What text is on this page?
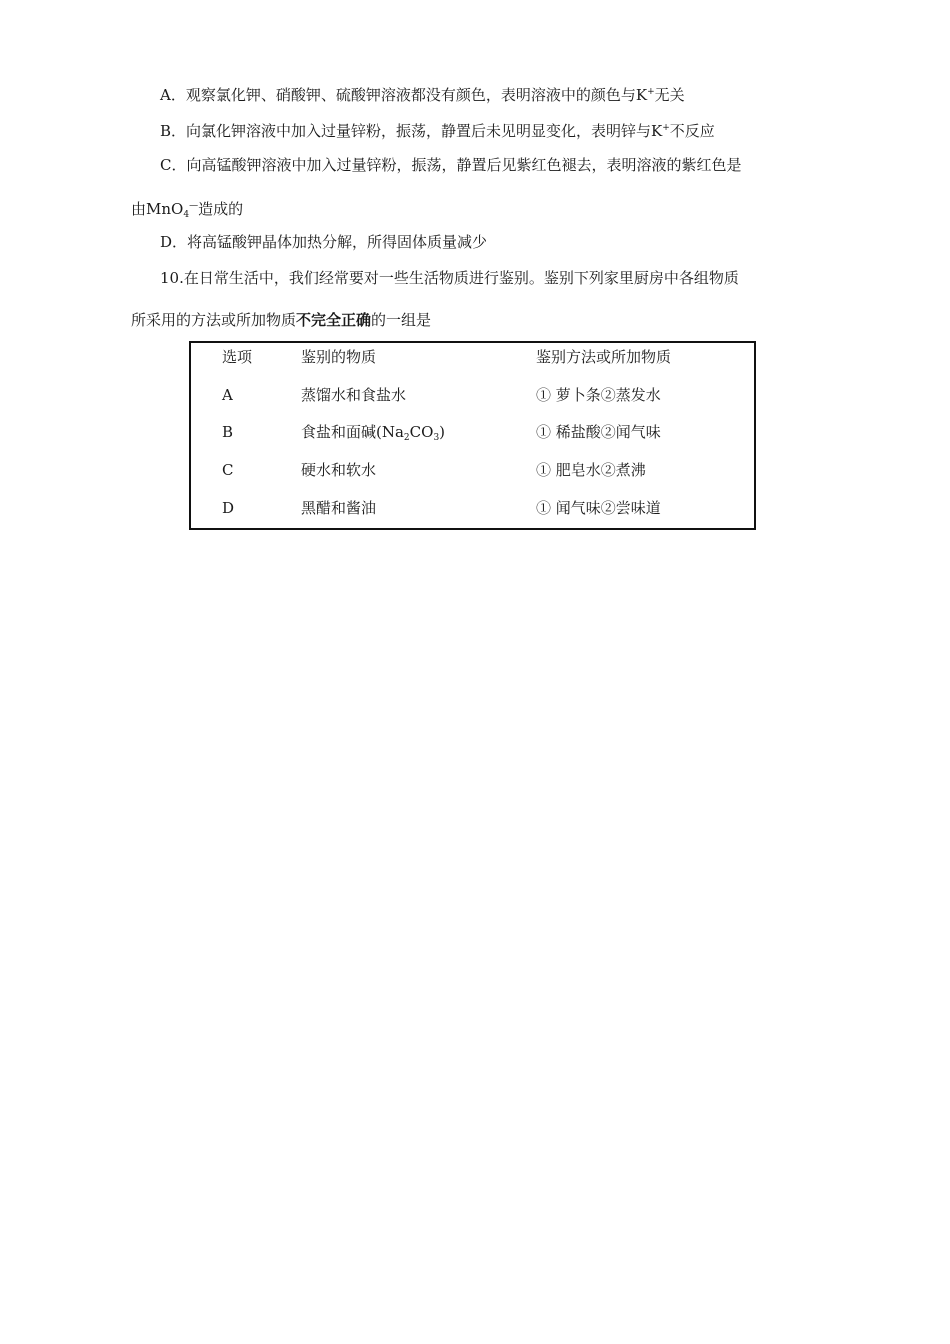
A．观察氯化钾、硝酸钾、硫酸钾溶液都没有颜色，表明溶液中的颜色与K+无关
B．向氯化钾溶液中加入过量锌粉，振荡，静置后未见明显变化，表明锌与K+不反应
C．向高锰酸钾溶液中加入过量锌粉，振荡，静置后见紫红色褪去，表明溶液的紫红色是
由MnO$_4$—造成的
D．将高锰酸钾晶体加热分解，所得固体质量减少
10.在日常生活中，我们经常要对一些生活物质进行鉴别。鉴别下列家里厨房中各组物质
所采用的方法或所加物质不完全正确的一组是
选项	鉴别的物质	鉴别方法或所加物质
A	蒸馏水和食盐水	① 萝卜条②蒸发水
B	食盐和面碱$(Na_2CO_3)$	① 稀盐酸②闻气味
C	硬水和软水	① 肥皂水②煮沸
D	黑醋和酱油	① 闻气味②尝味道
